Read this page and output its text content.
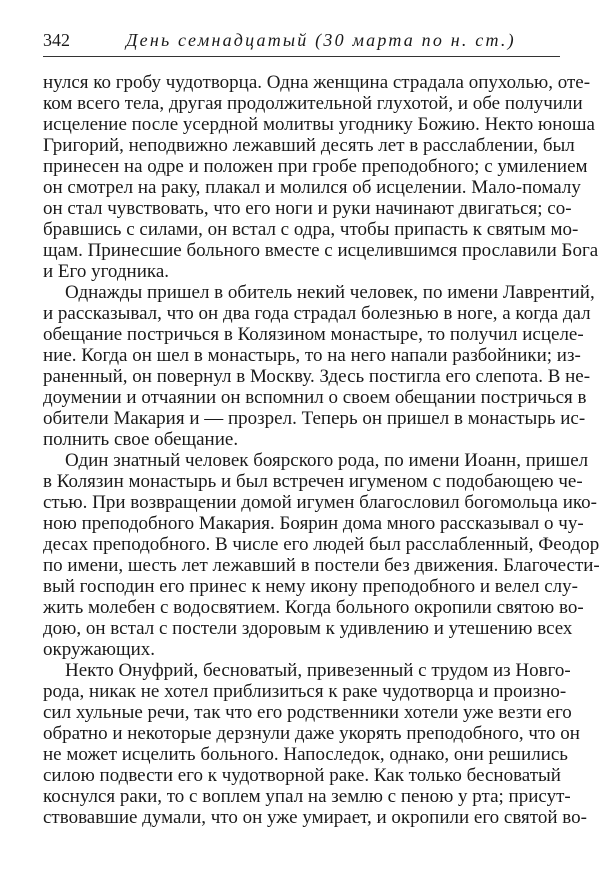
342	День семнадцатый (30 марта по н. ст.)
нулся ко гробу чудотворца. Одна женщина страдала опухолью, оте-
ком всего тела, другая продолжительной глухотой, и обе получили
исцеление после усердной молитвы угоднику Божию. Некто юноша
Григорий, неподвижно лежавший десять лет в расслаблении, был
принесен на одре и положен при гробе преподобного; с умилением
он смотрел на раку, плакал и молился об исцелении. Мало-помалу
он стал чувствовать, что его ноги и руки начинают двигаться; со-
бравшись с силами, он встал с одра, чтобы припасть к святым мо-
щам. Принесшие больного вместе с исцелившимся прославили Бога
и Его угодника.
Однажды пришел в обитель некий человек, по имени Лаврентий,
и рассказывал, что он два года страдал болезнью в ноге, а когда дал
обещание постричься в Колязином монастыре, то получил исцеле-
ние. Когда он шел в монастырь, то на него напали разбойники; из-
раненный, он повернул в Москву. Здесь постигла его слепота. В не-
доумении и отчаянии он вспомнил о своем обещании постричься в
обители Макария и — прозрел. Теперь он пришел в монастырь ис-
полнить свое обещание.
Один знатный человек боярского рода, по имени Иоанн, пришел
в Колязин монастырь и был встречен игуменом с подобающею че-
стью. При возвращении домой игумен благословил богомольца ико-
ною преподобного Макария. Боярин дома много рассказывал о чу-
десах преподобного. В числе его людей был расслабленный, Феодор
по имени, шесть лет лежавший в постели без движения. Благочести-
вый господин его принес к нему икону преподобного и велел слу-
жить молебен с водосвятием. Когда больного окропили святою во-
дою, он встал с постели здоровым к удивлению и утешению всех
окружающих.
Некто Онуфрий, бесноватый, привезенный с трудом из Новго-
рода, никак не хотел приблизиться к раке чудотворца и произно-
сил хульные речи, так что его родственники хотели уже везти его
обратно и некоторые дерзнули даже укорять преподобного, что он
не может исцелить больного. Напоследок, однако, они решились
силою подвести его к чудотворной раке. Как только бесноватый
коснулся раки, то с воплем упал на землю с пеною у рта; присут-
ствовавшие думали, что он уже умирает, и окропили его святой во-
